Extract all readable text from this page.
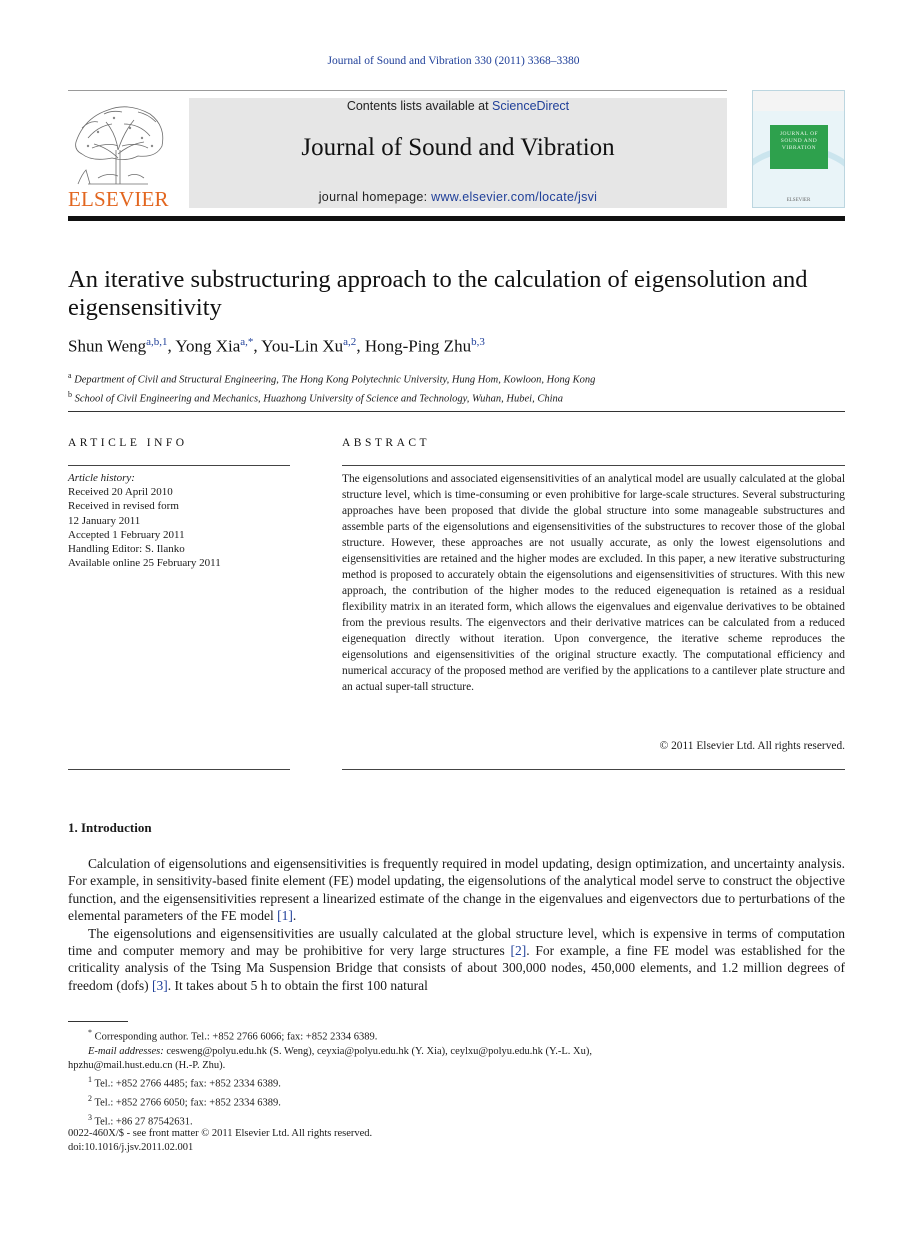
Journal of Sound and Vibration 330 (2011) 3368–3380
ELSEVIER
Contents lists available at ScienceDirect
Journal of Sound and Vibration
journal homepage: www.elsevier.com/locate/jsvi
JOURNAL OF SOUND AND VIBRATION
ELSEVIER
An iterative substructuring approach to the calculation of eigensolution and eigensensitivity
Shun Weng$^{a,b,1}$, Yong Xia$^{a,*}$, You-Lin Xu$^{a,2}$, Hong-Ping Zhu$^{b,3}$
$^a$ Department of Civil and Structural Engineering, The Hong Kong Polytechnic University, Hung Hom, Kowloon, Hong Kong
$^b$ School of Civil Engineering and Mechanics, Huazhong University of Science and Technology, Wuhan, Hubei, China
ARTICLE INFO	ABSTRACT
Article history:
Received 20 April 2010
Received in revised form
12 January 2011
Accepted 1 February 2011
Handling Editor: S. Ilanko
Available online 25 February 2011
The eigensolutions and associated eigensensitivities of an analytical model are usually calculated at the global structure level, which is time-consuming or even prohibitive for large-scale structures. Several substructuring approaches have been proposed that divide the global structure into some manageable substructures and assemble parts of the eigensolutions and eigensensitivities of the substructures to recover those of the global structure. However, these approaches are not usually accurate, as only the lowest eigensolutions and eigensensitivities are retained and the higher modes are excluded. In this paper, a new iterative substructuring method is proposed to accurately obtain the eigensolutions and eigensensitivities of structures. With this new approach, the contribution of the higher modes to the reduced eigenequation is retained as a residual flexibility matrix in an iterated form, which allows the eigenvalues and eigenvalue derivatives to be obtained from the previous results. The eigenvectors and their derivative matrices can be calculated from a reduced eigenequation directly without iteration. Upon convergence, the iterative scheme reproduces the eigensolutions and eigensensitivities of the original structure exactly. The computational efficiency and numerical accuracy of the proposed method are verified by the applications to a cantilever plate structure and an actual super-tall structure.
© 2011 Elsevier Ltd. All rights reserved.
1. Introduction

Calculation of eigensolutions and eigensensitivities is frequently required in model updating, design optimization, and uncertainty analysis. For example, in sensitivity-based finite element (FE) model updating, the eigensolutions of the analytical model serve to construct the objective function, and the eigensensitivities represent a linearized estimate of the change in the eigenvalues and eigenvectors due to perturbations of the elemental parameters of the FE model [1].

The eigensolutions and eigensensitivities are usually calculated at the global structure level, which is expensive in terms of computation time and computer memory and may be prohibitive for very large structures [2]. For example, a fine FE model was established for the criticality analysis of the Tsing Ma Suspension Bridge that consists of about 300,000 nodes, 450,000 elements, and 1.2 million degrees of freedom (dofs) [3]. It takes about 5 h to obtain the first 100 natural

* Corresponding author. Tel.: +852 2766 6066; fax: +852 2334 6389.
E-mail addresses: cesweng@polyu.edu.hk (S. Weng), ceyxia@polyu.edu.hk (Y. Xia), ceylxu@polyu.edu.hk (Y.-L. Xu),
hpzhu@mail.hust.edu.cn (H.-P. Zhu).
$^1$ Tel.: +852 2766 4485; fax: +852 2334 6389.
$^2$ Tel.: +852 2766 6050; fax: +852 2334 6389.
$^3$ Tel.: +86 27 87542631.
0022-460X/$ - see front matter © 2011 Elsevier Ltd. All rights reserved.
doi:10.1016/j.jsv.2011.02.001
